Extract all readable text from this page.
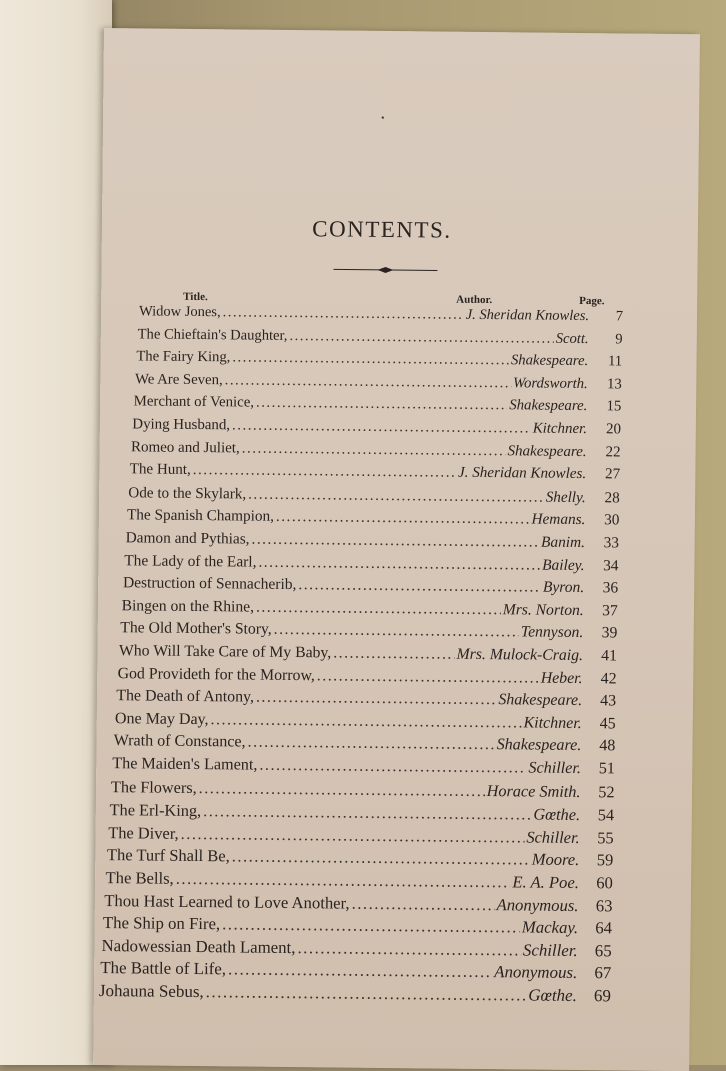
•
CONTENTS.
Title.	Author.	Page.
Widow Jones, .....	J. Sheridan Knowles.	7
The Chieftain's Daughter, .....	Scott.	9
The Fairy King, .....	Shakespeare.	11
We Are Seven, .....	Wordsworth.	13
Merchant of Venice, .....	Shakespeare.	15
Dying Husband, .....	Kitchner.	20
Romeo and Juliet, .....	Shakespeare.	22
The Hunt, .....	J. Sheridan Knowles.	27
Ode to the Skylark, .....	Shelly.	28
The Spanish Champion, .....	Hemans.	30
Damon and Pythias, .....	Banim.	33
The Lady of the Earl, .....	Bailey.	34
Destruction of Sennacherib, .....	Byron.	36
Bingen on the Rhine, .....	Mrs. Norton.	37
The Old Mother's Story, .....	Tennyson.	39
Who Will Take Care of My Baby, .....	Mrs. Mulock-Craig.	41
God Provideth for the Morrow, .....	Heber.	42
The Death of Antony, .....	Shakespeare.	43
One May Day, .....	Kitchner.	45
Wrath of Constance, .....	Shakespeare.	48
The Maiden's Lament, .....	Schiller.	51
The Flowers, .....	Horace Smith.	52
The Erl-King, .....	Gœthe.	54
The Diver, .....	Schiller.	55
The Turf Shall Be, .....	Moore.	59
The Bells, .....	E. A. Poe.	60
Thou Hast Learned to Love Another, .....	Anonymous.	63
The Ship on Fire, .....	Mackay.	64
Nadowessian Death Lament, .....	Schiller.	65
The Battle of Life, .....	Anonymous. 67
Johauna Sebus, .....	Gœthe. 69
